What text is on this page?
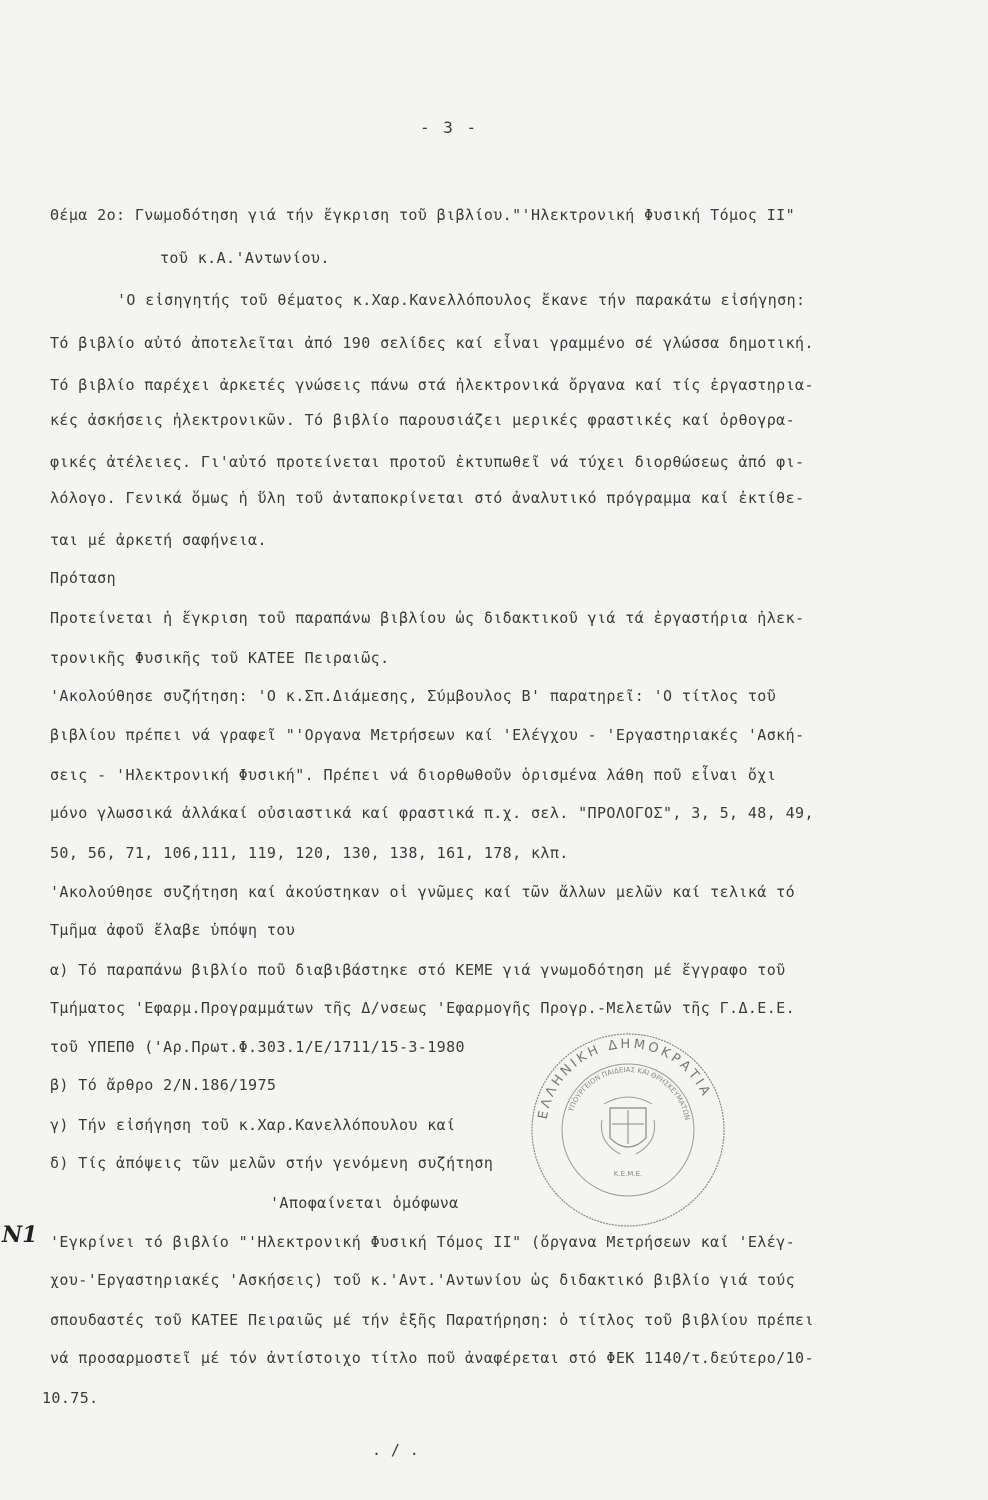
- 3 -
Θέμα 2ο: Γνωμοδότηση γιά τήν ἔγκριση τοῦ βιβλίου."'Ηλεκτρονική Φυσική Τόμος ΙΙ"
τοῦ κ.Α.'Αντωνίου.
'Ο εἰσηγητής τοῦ θέματος κ.Χαρ.Κανελλόπουλος ἔκανε τήν παρακάτω εἰσήγηση:
Τό βιβλίο αὐτό ἀποτελεῖται ἀπό 190 σελίδες καί εἶναι γραμμένο σέ γλώσσα δημοτική.
Τό βιβλίο παρέχει ἀρκετές γνώσεις πάνω στά ἠλεκτρονικά ὄργανα καί τίς ἐργαστηρια-
κές ἀσκήσεις ἠλεκτρονικῶν. Τό βιβλίο παρουσιάζει μερικές φραστικές καί ὀρθογρα-
φικές ἀτέλειες. Γι'αὐτό προτείνεται προτοῦ ἐκτυπωθεῖ νά τύχει διορθώσεως ἀπό φι-
λόλογο. Γενικά ὅμως ἡ ὕλη τοῦ ἀνταποκρίνεται στό ἀναλυτικό πρόγραμμα καί ἐκτίθε-
ται μέ ἀρκετή σαφήνεια.
Πρόταση
Προτείνεται ἡ ἔγκριση τοῦ παραπάνω βιβλίου ὡς διδακτικοῦ γιά τά ἐργαστήρια ἠλεκ-
τρονικῆς Φυσικῆς τοῦ ΚΑΤΕΕ Πειραιῶς.
'Ακολούθησε συζήτηση: 'Ο κ.Σπ.Διάμεσης, Σύμβουλος Β' παρατηρεῖ: 'Ο τίτλος τοῦ
βιβλίου πρέπει νά γραφεῖ "'Οργανα Μετρήσεων καί 'Ελέγχου - 'Εργαστηριακές 'Ασκή-
σεις - 'Ηλεκτρονική Φυσική". Πρέπει νά διορθωθοῦν ὁρισμένα λάθη ποῦ εἶναι ὄχι
μόνο γλωσσικά ἀλλάκαί οὐσιαστικά καί φραστικά π.χ. σελ. "ΠΡΟΛΟΓΟΣ", 3, 5, 48, 49,
50, 56, 71, 106,111, 119, 120, 130, 138, 161, 178, κλπ.
'Ακολούθησε συζήτηση καί ἀκούστηκαν οἱ γνῶμες καί τῶν ἄλλων μελῶν καί τελικά τό
Τμῆμα ἀφοῦ ἔλαβε ὑπόψη του
α) Τό παραπάνω βιβλίο ποῦ διαβιβάστηκε στό ΚΕΜΕ γιά γνωμοδότηση μέ ἔγγραφο τοῦ
Τμήματος 'Εφαρμ.Προγραμμάτων τῆς Δ/νσεως 'Εφαρμογῆς Προγρ.-Μελετῶν τῆς Γ.Δ.Ε.Ε.
τοῦ ΥΠΕΠΘ ('Αρ.Πρωτ.Φ.303.1/Ε/1711/15-3-1980
β) Τό ἄρθρο 2/Ν.186/1975
γ) Τήν εἰσήγηση τοῦ κ.Χαρ.Κανελλόπουλου καί
δ) Τίς ἀπόψεις τῶν μελῶν στήν γενόμενη συζήτηση
'Αποφαίνεται ὁμόφωνα
'Εγκρίνει τό βιβλίο "'Ηλεκτρονική Φυσική Τόμος ΙΙ" (ὄργανα Μετρήσεων καί 'Ελέγ-
χου-'Εργαστηριακές 'Ασκήσεις) τοῦ κ.'Αντ.'Αντωνίου ὡς διδακτικό βιβλίο γιά τούς
σπουδαστές τοῦ ΚΑΤΕΕ Πειραιῶς μέ τήν ἑξῆς Παρατήρηση: ὁ τίτλος τοῦ βιβλίου πρέπει
νά προσαρμοστεῖ μέ τόν ἀντίστοιχο τίτλο ποῦ ἀναφέρεται στό ΦΕΚ 1140/τ.δεύτερο/10-
10.75.
. / .
Ν1
ΕΛΛΗΝΙΚΗ ΔΗΜΟΚΡΑΤΙΑ
ΥΠΟΥΡΓΕΙΟΝ ΠΑΙΔΕΙΑΣ ΚΑΙ ΘΡΗΣΚΕΥΜΑΤΩΝ
Κ.Ε.Μ.Ε.
